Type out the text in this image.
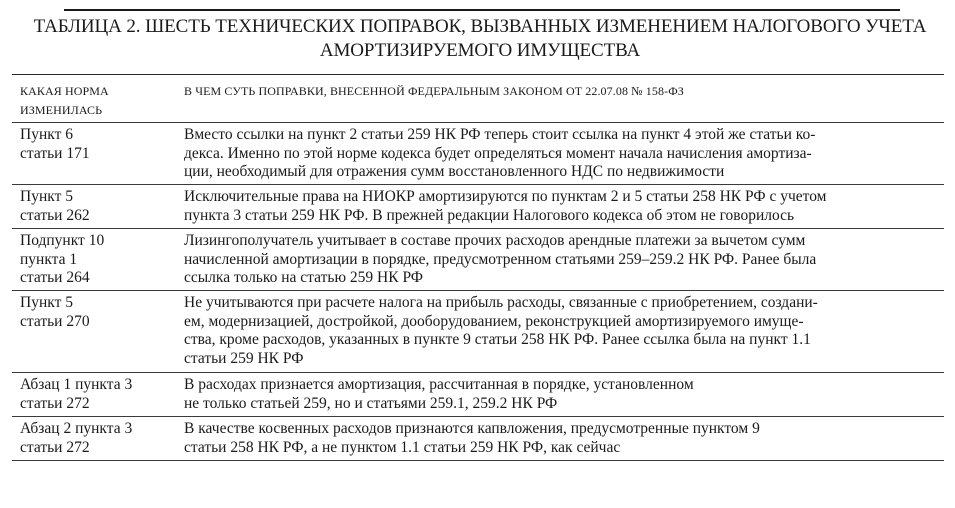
ТАБЛИЦА 2. ШЕСТЬ ТЕХНИЧЕСКИХ ПОПРАВОК, ВЫЗВАННЫХ ИЗМЕНЕНИЕМ НАЛОГОВОГО УЧЕТА
АМОРТИЗИРУЕМОГО ИМУЩЕСТВА
КАКАЯ НОРМА
ИЗМЕНИЛАСЬ
В ЧЕМ СУТЬ ПОПРАВКИ, ВНЕСЕННОЙ ФЕДЕРАЛЬНЫМ ЗАКОНОМ ОТ 22.07.08 № 158-ФЗ
Пункт 6
статьи 171
Вместо ссылки на пункт 2 статьи 259 НК РФ теперь стоит ссылка на пункт 4 этой же статьи ко-
декса. Именно по этой норме кодекса будет определяться момент начала начисления амортиза-
ции, необходимый для отражения сумм восстановленного НДС по недвижимости
Пункт 5
статьи 262
Исключительные права на НИОКР амортизируются по пунктам 2 и 5 статьи 258 НК РФ с учетом
пункта 3 статьи 259 НК РФ. В прежней редакции Налогового кодекса об этом не говорилось
Подпункт 10
пункта 1
статьи 264
Лизингополучатель учитывает в составе прочих расходов арендные платежи за вычетом сумм
начисленной амортизации в порядке, предусмотренном статьями 259–259.2 НК РФ. Ранее была
ссылка только на статью 259 НК РФ
Пункт 5
статьи 270
Не учитываются при расчете налога на прибыль расходы, связанные с приобретением, создани-
ем, модернизацией, достройкой, дооборудованием, реконструкцией амортизируемого имуще-
ства, кроме расходов, указанных в пункте 9 статьи 258 НК РФ. Ранее ссылка была на пункт 1.1
статьи 259 НК РФ
Абзац 1 пункта 3
статьи 272
В расходах признается амортизация, рассчитанная в порядке, установленном
не только статьей 259, но и статьями 259.1, 259.2 НК РФ
Абзац 2 пункта 3
статьи 272
В качестве косвенных расходов признаются капвложения, предусмотренные пунктом 9
статьи 258 НК РФ, а не пунктом 1.1 статьи 259 НК РФ, как сейчас
